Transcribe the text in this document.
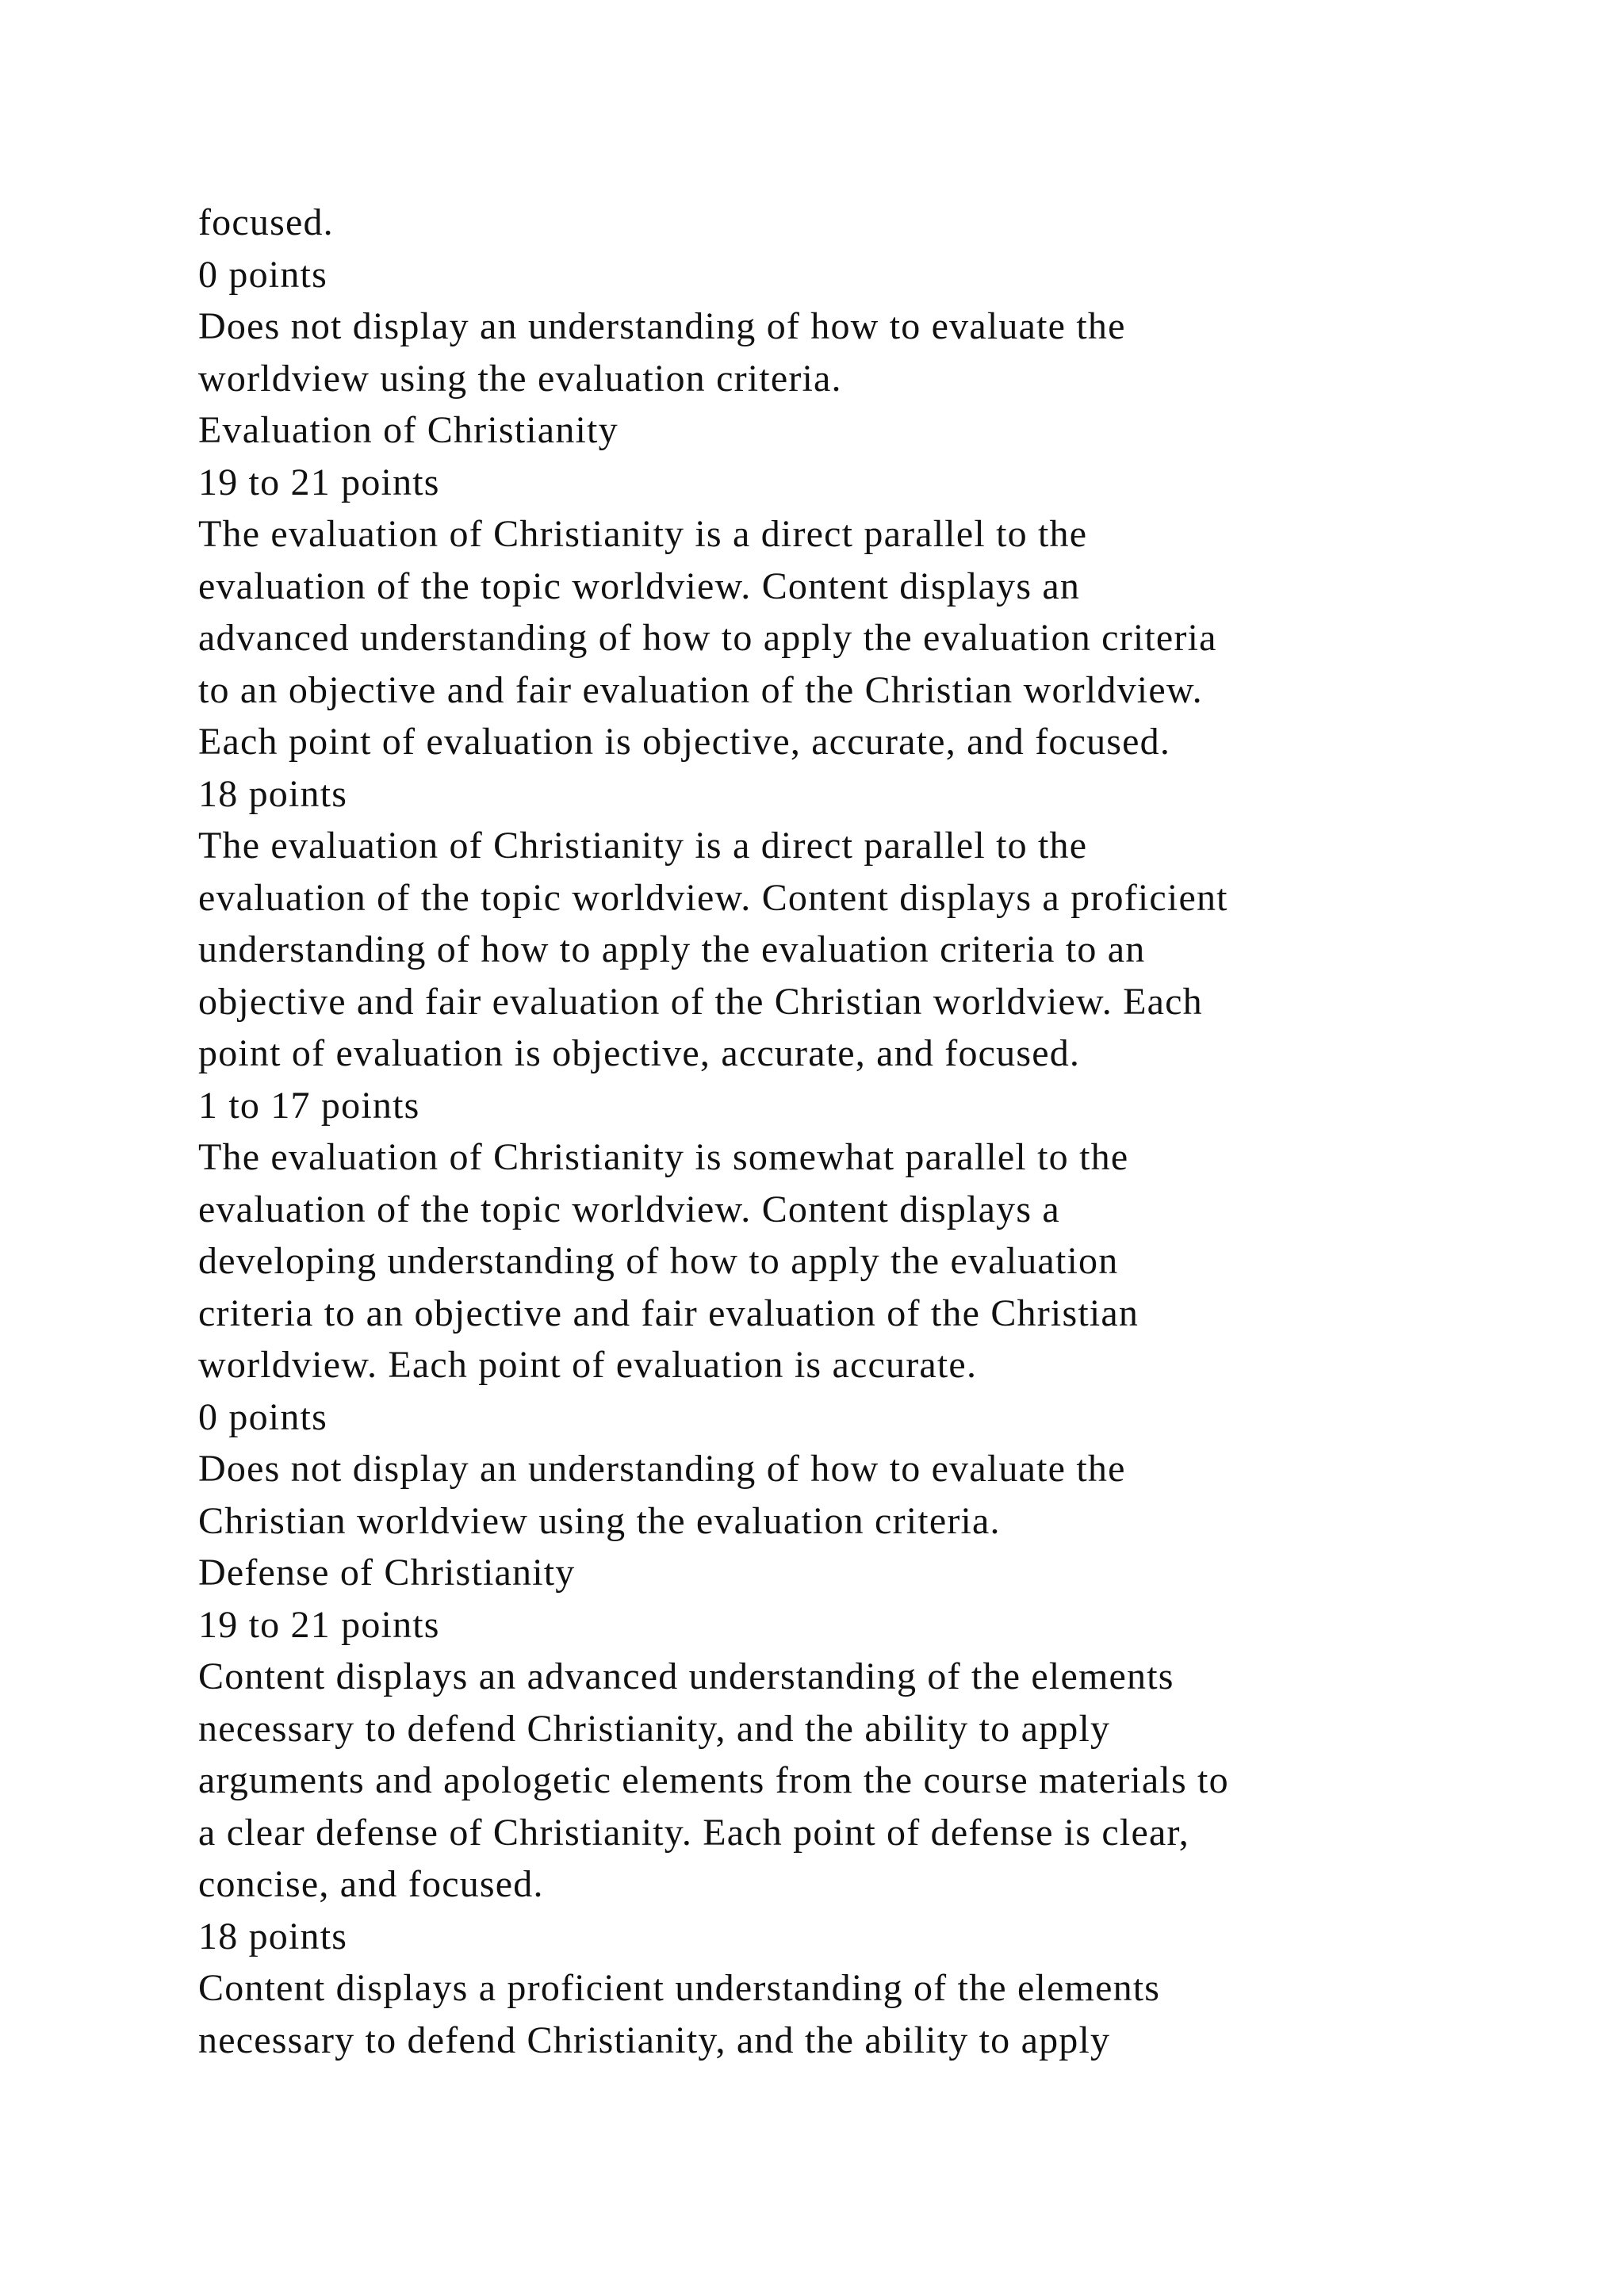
focused.
0 points
Does not display an understanding of how to evaluate the
worldview using the evaluation criteria.
Evaluation of Christianity
19 to 21 points
The evaluation of Christianity is a direct parallel to the
evaluation of the topic worldview. Content displays an
advanced understanding of how to apply the evaluation criteria
to an objective and fair evaluation of the Christian worldview.
Each point of evaluation is objective, accurate, and focused.
18 points
The evaluation of Christianity is a direct parallel to the
evaluation of the topic worldview. Content displays a proficient
understanding of how to apply the evaluation criteria to an
objective and fair evaluation of the Christian worldview. Each
point of evaluation is objective, accurate, and focused.
1 to 17 points
The evaluation of Christianity is somewhat parallel to the
evaluation of the topic worldview. Content displays a
developing understanding of how to apply the evaluation
criteria to an objective and fair evaluation of the Christian
worldview. Each point of evaluation is accurate.
0 points
Does not display an understanding of how to evaluate the
Christian worldview using the evaluation criteria.
Defense of Christianity
19 to 21 points
Content displays an advanced understanding of the elements
necessary to defend Christianity, and the ability to apply
arguments and apologetic elements from the course materials to
a clear defense of Christianity. Each point of defense is clear,
concise, and focused.
18 points
Content displays a proficient understanding of the elements
necessary to defend Christianity, and the ability to apply
